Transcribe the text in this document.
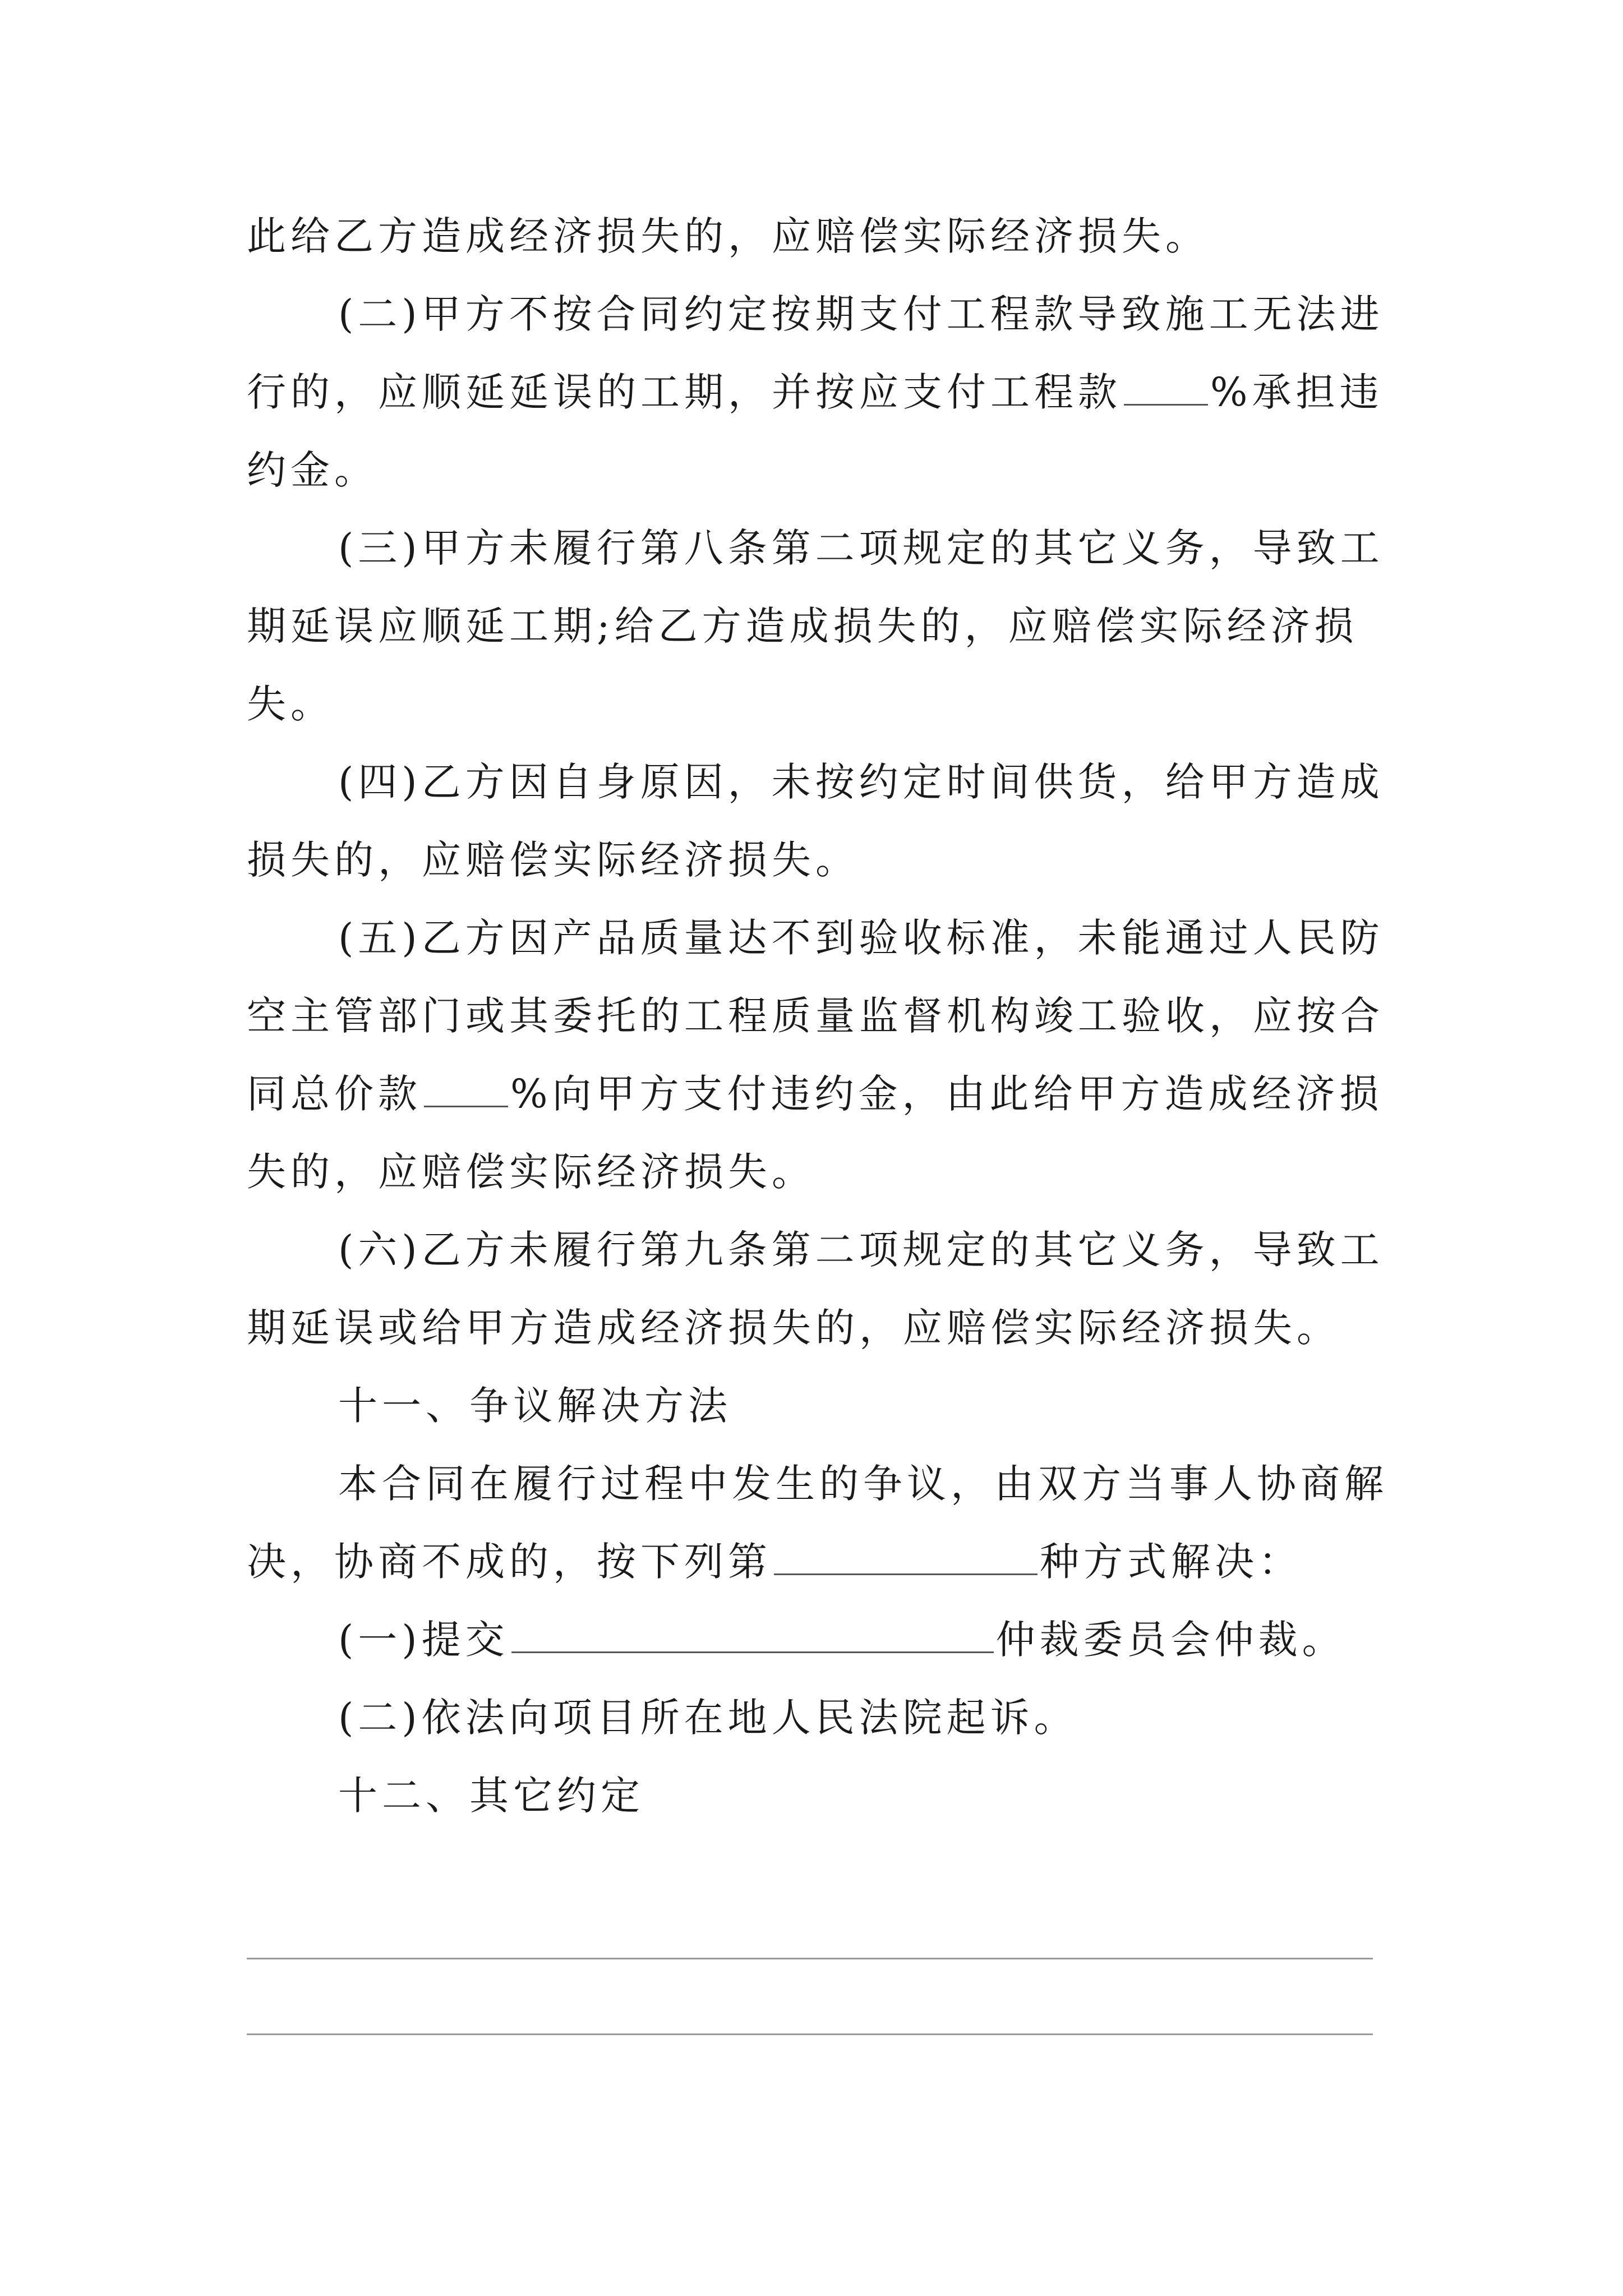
此给乙方造成经济损失的，应赔偿实际经济损失。
(二)甲方不按合同约定按期支付工程款导致施工无法进
行的，应顺延延误的工期，并按应支付工程款 %承担违
约金。
(三)甲方未履行第八条第二项规定的其它义务，导致工
期延误应顺延工期;给乙方造成损失的，应赔偿实际经济损
失。
(四)乙方因自身原因，未按约定时间供货，给甲方造成
损失的，应赔偿实际经济损失。
(五)乙方因产品质量达不到验收标准，未能通过人民防
空主管部门或其委托的工程质量监督机构竣工验收，应按合
同总价款 %向甲方支付违约金，由此给甲方造成经济损
失的，应赔偿实际经济损失。
(六)乙方未履行第九条第二项规定的其它义务，导致工
期延误或给甲方造成经济损失的，应赔偿实际经济损失。
十一、争议解决方法
本合同在履行过程中发生的争议，由双方当事人协商解
决，协商不成的，按下列第	种方式解决：
(一)提交	仲裁委员会仲裁。
(二)依法向项目所在地人民法院起诉。
十二、其它约定
